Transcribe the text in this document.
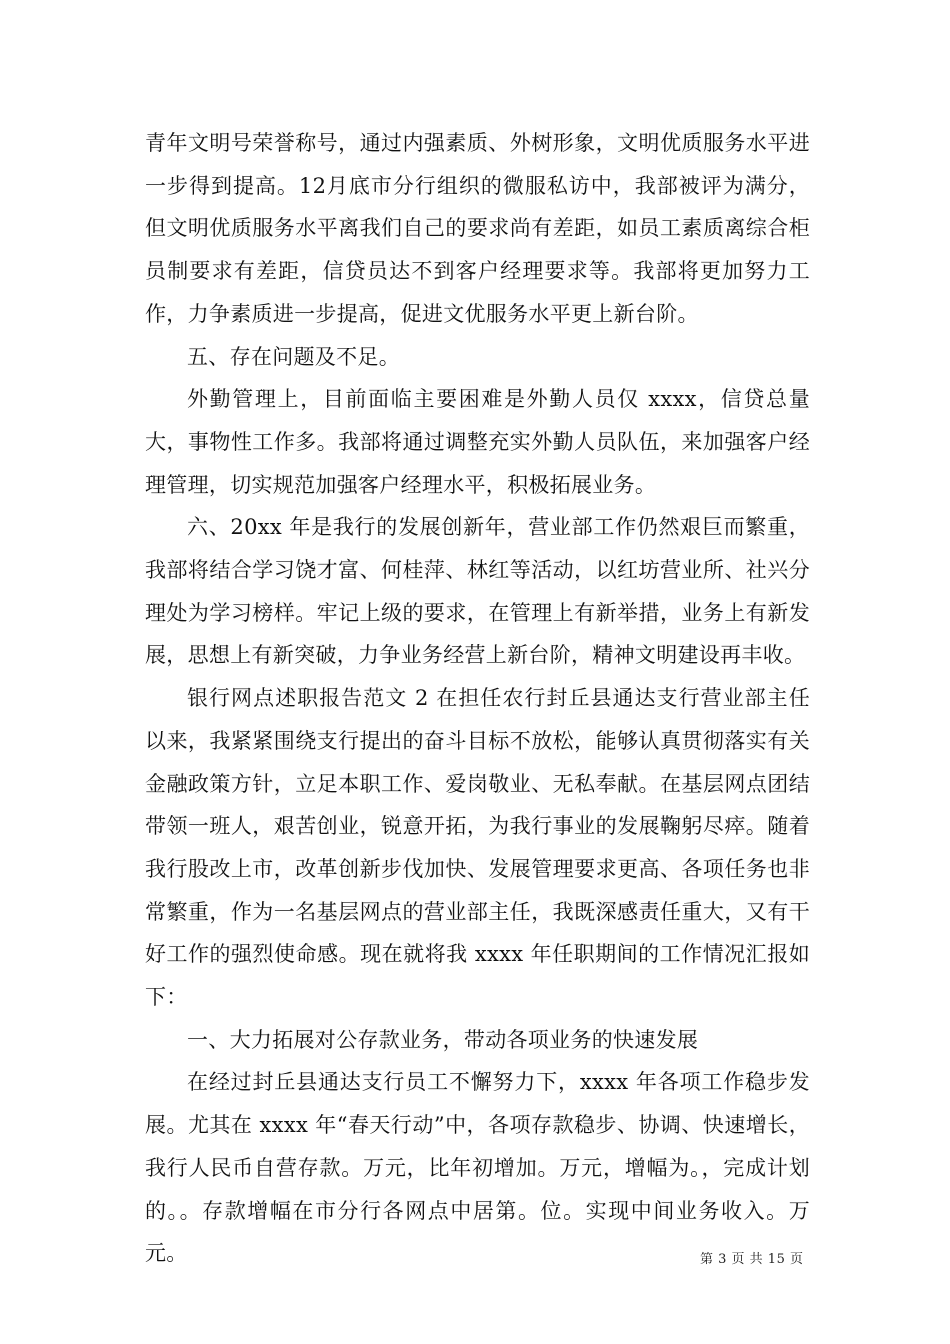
青年文明号荣誉称号，通过内强素质、外树形象，文明优质服务水平进一步得到提高。12月底市分行组织的微服私访中，我部被评为满分，但文明优质服务水平离我们自己的要求尚有差距，如员工素质离综合柜员制要求有差距，信贷员达不到客户经理要求等。我部将更加努力工作，力争素质进一步提高，促进文优服务水平更上新台阶。

五、存在问题及不足。

外勤管理上，目前面临主要困难是外勤人员仅 xxxx，信贷总量大，事物性工作多。我部将通过调整充实外勤人员队伍，来加强客户经理管理，切实规范加强客户经理水平，积极拓展业务。

六、20xx 年是我行的发展创新年，营业部工作仍然艰巨而繁重，我部将结合学习饶才富、何桂萍、林红等活动，以红坊营业所、社兴分理处为学习榜样。牢记上级的要求，在管理上有新举措，业务上有新发展，思想上有新突破，力争业务经营上新台阶，精神文明建设再丰收。

银行网点述职报告范文 2 在担任农行封丘县通达支行营业部主任以来，我紧紧围绕支行提出的奋斗目标不放松，能够认真贯彻落实有关金融政策方针，立足本职工作、爱岗敬业、无私奉献。在基层网点团结带领一班人，艰苦创业，锐意开拓，为我行事业的发展鞠躬尽瘁。随着我行股改上市，改革创新步伐加快、发展管理要求更高、各项任务也非常繁重，作为一名基层网点的营业部主任，我既深感责任重大，又有干好工作的强烈使命感。现在就将我 xxxx 年任职期间的工作情况汇报如下：

一、大力拓展对公存款业务，带动各项业务的快速发展

在经过封丘县通达支行员工不懈努力下，xxxx 年各项工作稳步发展。尤其在 xxxx 年“春天行动”中，各项存款稳步、协调、快速增长，我行人民币自营存款。万元，比年初增加。万元，增幅为。，完成计划的。。存款增幅在市分行各网点中居第。位。实现中间业务收入。万元。	第 3 页 共 15 页
